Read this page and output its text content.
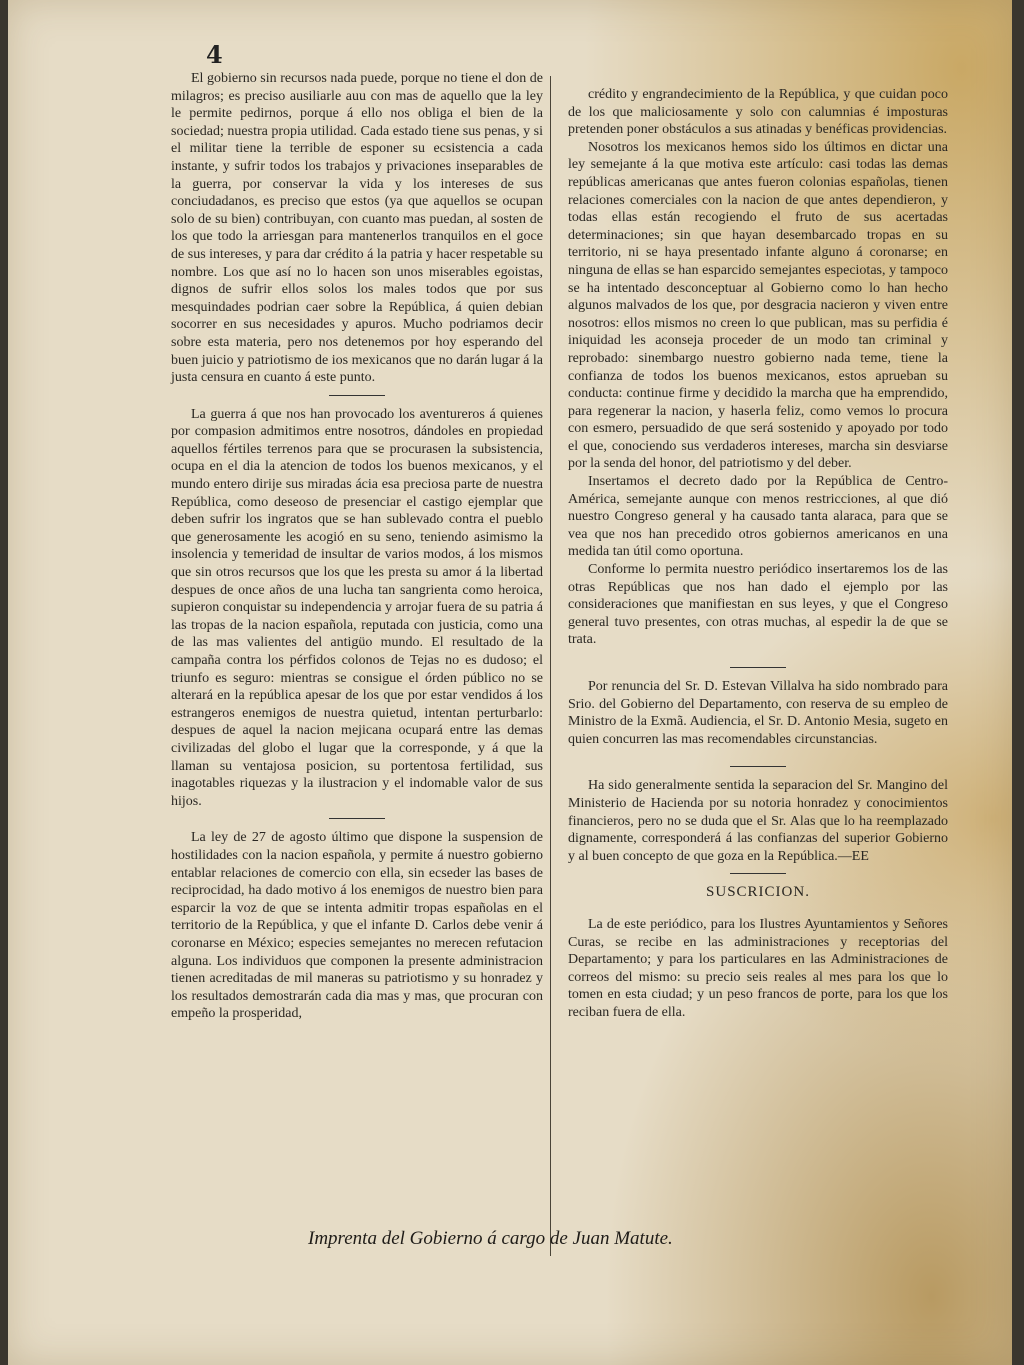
4

El gobierno sin recursos nada puede, porque no tiene el don de milagros; es preciso ausiliarle auu con mas de aquello que la ley le permite pedirnos, porque á ello nos obliga el bien de la sociedad; nuestra propia utilidad. Cada estado tiene sus penas, y si el militar tiene la terrible de esponer su ecsistencia a cada instante, y sufrir todos los trabajos y privaciones inseparables de la guerra, por conservar la vida y los intereses de sus conciudadanos, es preciso que estos (ya que aquellos se ocupan solo de su bien) contribuyan, con cuanto mas puedan, al sosten de los que todo la arriesgan para mantenerlos tranquilos en el goce de sus intereses, y para dar crédito á la patria y hacer respetable su nombre. Los que así no lo hacen son unos miserables egoistas, dignos de sufrir ellos solos los males todos que por sus mesquindades podrian caer sobre la República, á quien debian socorrer en sus necesidades y apuros. Mucho podriamos decir sobre esta materia, pero nos detenemos por hoy esperando del buen juicio y patriotismo de ios mexicanos que no darán lugar á la justa censura en cuanto á este punto.

La guerra á que nos han provocado los aventureros á quienes por compasion admitimos entre nosotros, dándoles en propiedad aquellos fértiles terrenos para que se procurasen la subsistencia, ocupa en el dia la atencion de todos los buenos mexicanos, y el mundo entero dirije sus miradas ácia esa preciosa parte de nuestra República, como deseoso de presenciar el castigo ejemplar que deben sufrir los ingratos que se han sublevado contra el pueblo que generosamente les acogió en su seno, teniendo asimismo la insolencia y temeridad de insultar de varios modos, á los mismos que sin otros recursos que los que les presta su amor á la libertad despues de once años de una lucha tan sangrienta como heroica, supieron conquistar su independencia y arrojar fuera de su patria á las tropas de la nacion española, reputada con justicia, como una de las mas valientes del antigüo mundo. El resultado de la campaña contra los pérfidos colonos de Tejas no es dudoso; el triunfo es seguro: mientras se consigue el órden público no se alterará en la república apesar de los que por estar vendidos á los estrangeros enemigos de nuestra quietud, intentan perturbarlo: despues de aquel la nacion mejicana ocupará entre las demas civilizadas del globo el lugar que la corresponde, y á que la llaman su ventajosa posicion, su portentosa fertilidad, sus inagotables riquezas y la ilustracion y el indomable valor de sus hijos.

La ley de 27 de agosto último que dispone la suspension de hostilidades con la nacion española, y permite á nuestro gobierno entablar relaciones de comercio con ella, sin ecseder las bases de reciprocidad, ha dado motivo á los enemigos de nuestro bien para esparcir la voz de que se intenta admitir tropas españolas en el territorio de la República, y que el infante D. Carlos debe venir á coronarse en México; especies semejantes no merecen refutacion alguna. Los individuos que componen la presente administracion tienen acreditadas de mil maneras su patriotismo y su honradez y los resultados demostrarán cada dia mas y mas, que procuran con empeño la prosperidad,

crédito y engrandecimiento de la República, y que cuidan poco de los que maliciosamente y solo con calumnias é imposturas pretenden poner obstáculos a sus atinadas y benéficas providencias.

Nosotros los mexicanos hemos sido los últimos en dictar una ley semejante á la que motiva este artículo: casi todas las demas repúblicas americanas que antes fueron colonias españolas, tienen relaciones comerciales con la nacion de que antes dependieron, y todas ellas están recogiendo el fruto de sus acertadas determinaciones; sin que hayan desembarcado tropas en su territorio, ni se haya presentado infante alguno á coronarse; en ninguna de ellas se han esparcido semejantes especiotas, y tampoco se ha intentado desconceptuar al Gobierno como lo han hecho algunos malvados de los que, por desgracia nacieron y viven entre nosotros: ellos mismos no creen lo que publican, mas su perfidia é iniquidad les aconseja proceder de un modo tan criminal y reprobado: sinembargo nuestro gobierno nada teme, tiene la confianza de todos los buenos mexicanos, estos aprueban su conducta: continue firme y decidido la marcha que ha emprendido, para regenerar la nacion, y haserla feliz, como vemos lo procura con esmero, persuadido de que será sostenido y apoyado por todo el que, conociendo sus verdaderos intereses, marcha sin desviarse por la senda del honor, del patriotismo y del deber.

Insertamos el decreto dado por la República de Centro-América, semejante aunque con menos restricciones, al que dió nuestro Congreso general y ha causado tanta alaraca, para que se vea que nos han precedido otros gobiernos americanos en una medida tan útil como oportuna.

Conforme lo permita nuestro periódico insertaremos los de las otras Repúblicas que nos han dado el ejemplo por las consideraciones que manifiestan en sus leyes, y que el Congreso general tuvo presentes, con otras muchas, al espedir la de que se trata.

Por renuncia del Sr. D. Estevan Villalva ha sido nombrado para Srio. del Gobierno del Departamento, con reserva de su empleo de Ministro de la Exmã. Audiencia, el Sr. D. Antonio Mesia, sugeto en quien concurren las mas recomendables circunstancias.

Ha sido generalmente sentida la separacion del Sr. Mangino del Ministerio de Hacienda por su notoria honradez y conocimientos financieros, pero no se duda que el Sr. Alas que lo ha reemplazado dignamente, corresponderá á las confianzas del superior Gobierno y al buen concepto de que goza en la República.—EE

SUSCRICION.

La de este periódico, para los Ilustres Ayuntamientos y Señores Curas, se recibe en las administraciones y receptorias del Departamento; y para los particulares en las Administraciones de correos del mismo: su precio seis reales al mes para los que lo tomen en esta ciudad; y un peso francos de porte, para los que los reciban fuera de ella.

Imprenta del Gobierno á cargo de Juan Matute.
